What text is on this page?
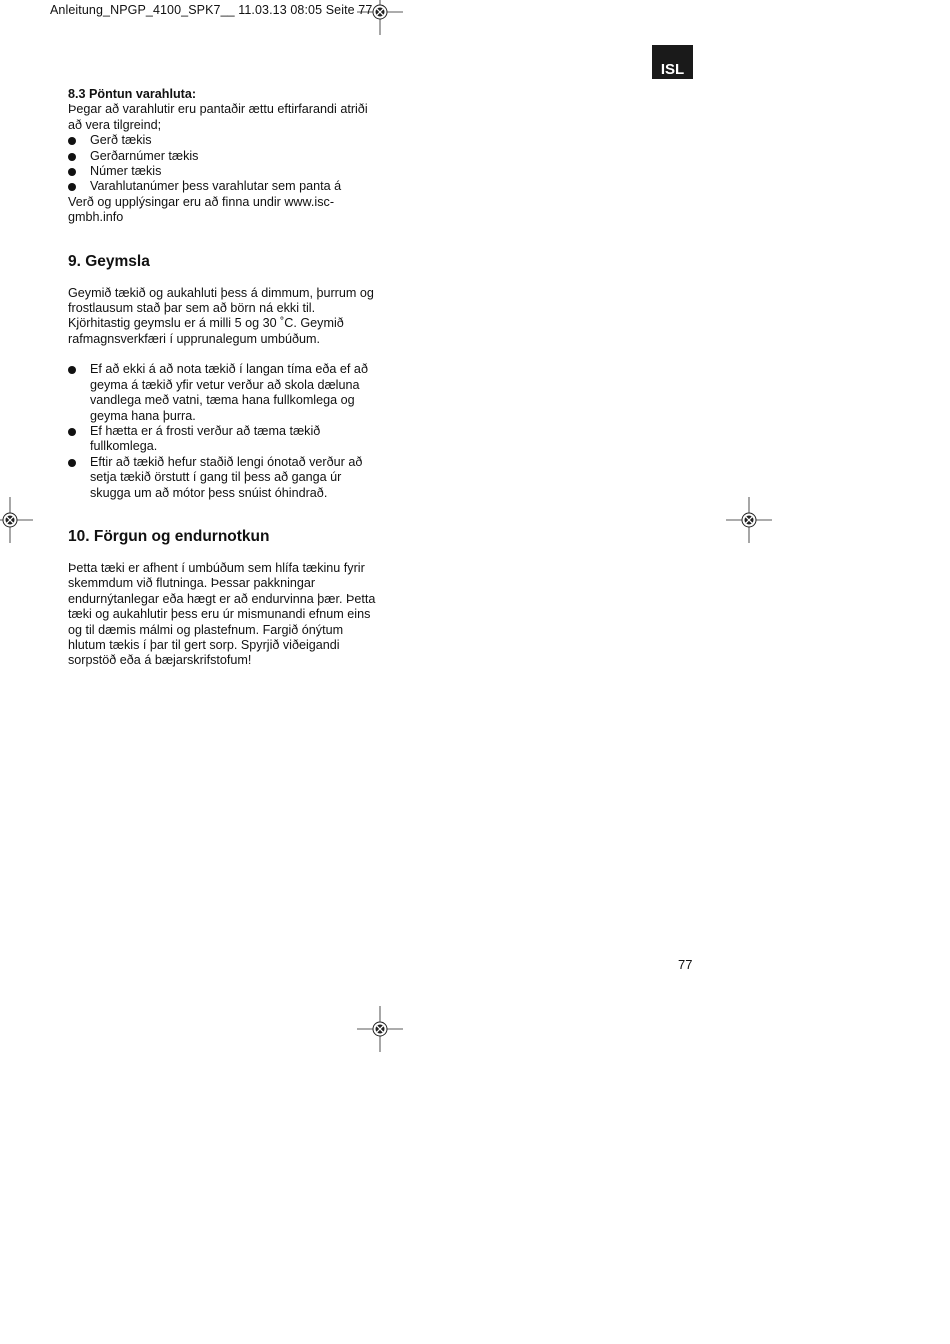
Anleitung_NPGP_4100_SPK7__ 11.03.13 08:05 Seite 77
ISL

8.3 Pöntun varahluta:

Þegar að varahlutir eru pantaðir ættu eftirfarandi atriði að vera tilgreind;

Gerð tækis
Gerðarnúmer tækis
Númer tækis
Varahlutanúmer þess varahlutar sem panta á

Verð og upplýsingar eru að finna undir www.isc-gmbh.info

9. Geymsla

Geymið tækið og aukahluti þess á dimmum, þurrum og frostlausum stað þar sem að börn ná ekki til. Kjörhitastig geymslu er á milli 5 og 30 ˚C. Geymið rafmagnsverkfæri í upprunalegum umbúðum.

Ef að ekki á að nota tækið í langan tíma eða ef að geyma á tækið yfir vetur verður að skola dæluna vandlega með vatni, tæma hana fullkomlega og geyma hana þurra.
Ef hætta er á frosti verður að tæma tækið fullkomlega.
Eftir að tækið hefur staðið lengi ónotað verður að setja tækið örstutt í gang til þess að ganga úr skugga um að mótor þess snúist óhindrað.
10. Förgun og endurnotkun

Þetta tæki er afhent í umbúðum sem hlífa tækinu fyrir skemmdum við flutninga. Þessar pakkningar endurnýtanlegar eða hægt er að endurvinna þær. Þetta tæki og aukahlutir þess eru úr mismunandi efnum eins og til dæmis málmi og plastefnum. Fargið ónýtum hlutum tækis í þar til gert sorp. Spyrjið viðeigandi sorpstöð eða á bæjarskrifstofum!

77
